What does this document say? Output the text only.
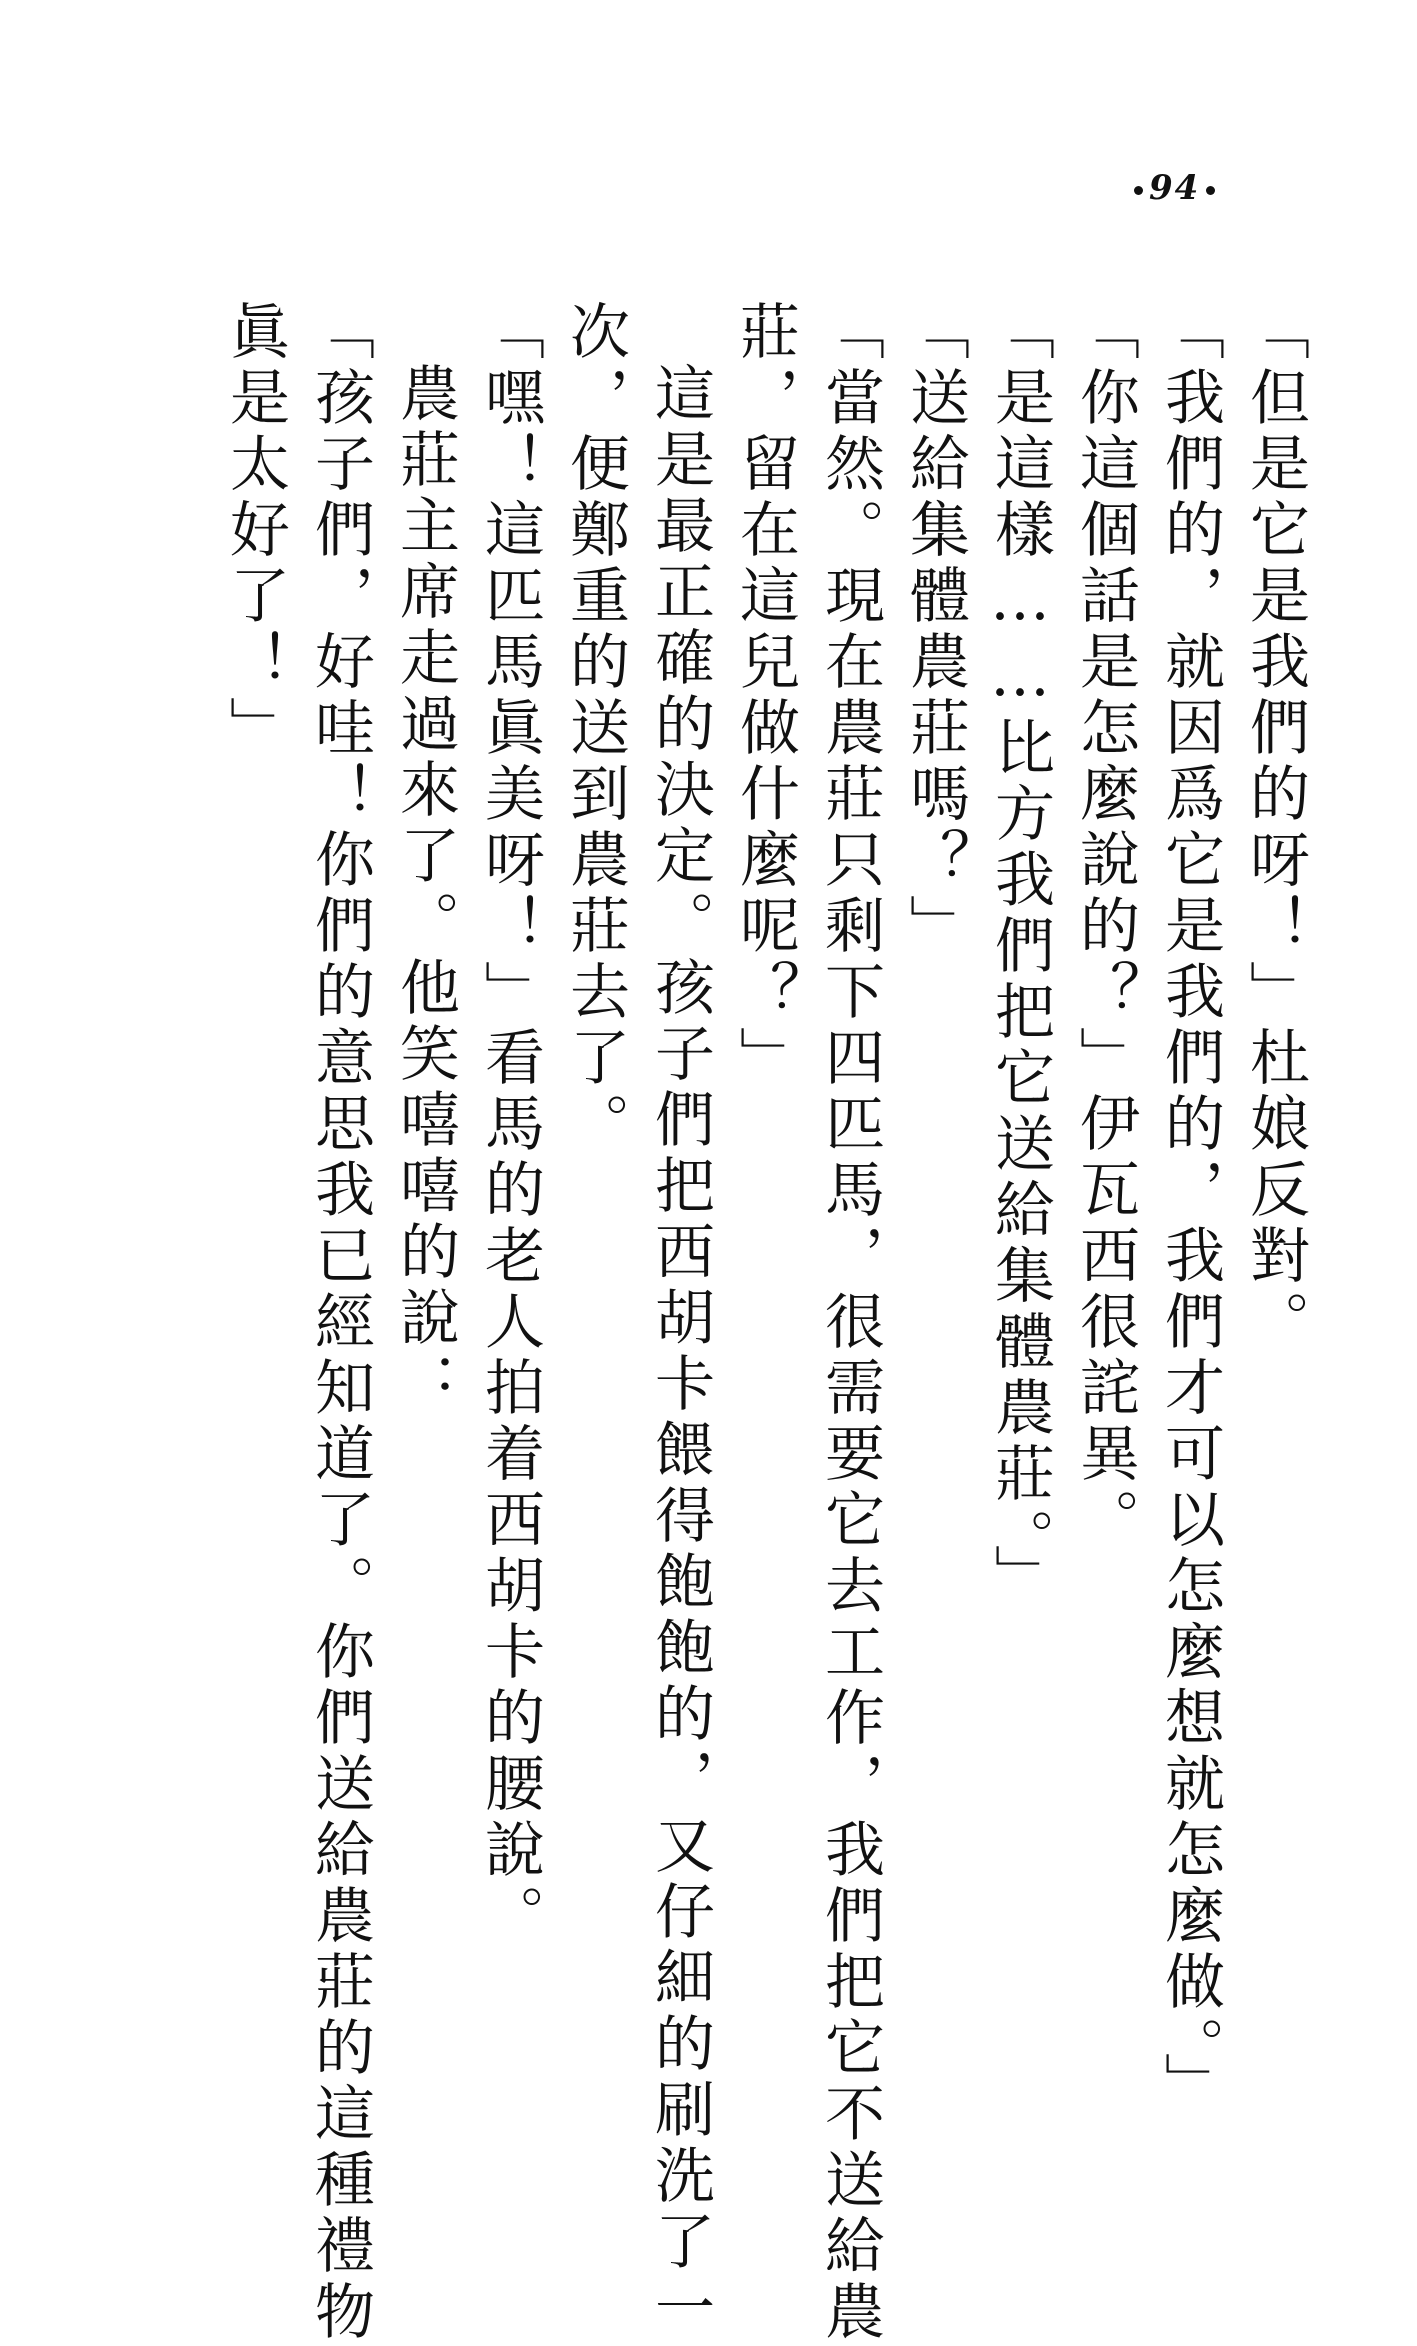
94
「但是它是我們的呀！」杜娘反對。
「我們的，就因爲它是我們的，我們才可以怎麼想就怎麼做。」
「你這個話是怎麼說的？」伊瓦西很詫異。
「是這樣……比方我們把它送給集體農莊。」
「送給集體農莊嗎？」
「當然。現在農莊只剩下四匹馬，很需要它去工作，我們把它不送給農
莊，留在這兒做什麼呢？」
這是最正確的決定。孩子們把西胡卡餵得飽飽的，又仔細的刷洗了一
次，便鄭重的送到農莊去了。
「嘿！這匹馬眞美呀！」看馬的老人拍着西胡卡的腰說。
農莊主席走過來了。他笑嘻嘻的說：
「孩子們，好哇！你們的意思我已經知道了。你們送給農莊的這種禮物
眞是太好了！」
